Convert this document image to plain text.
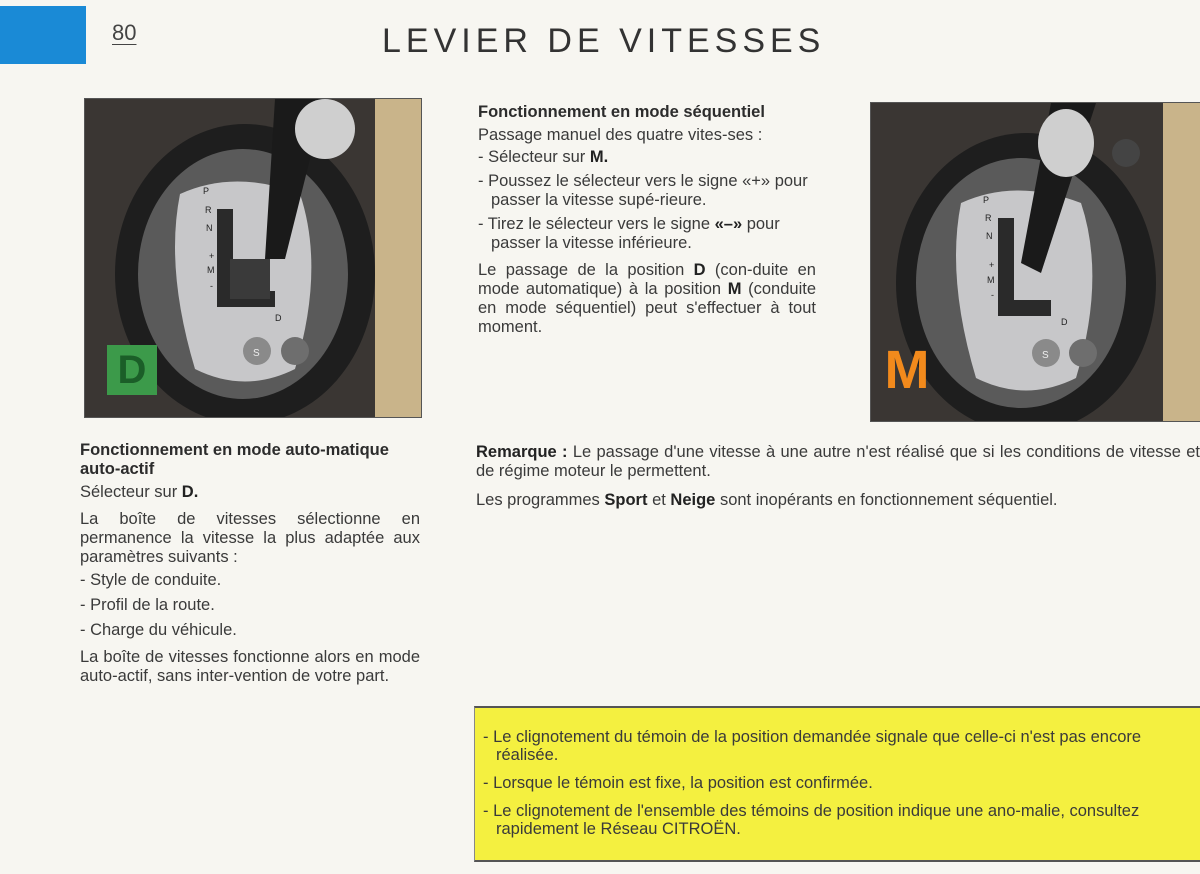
80	LEVIER DE VITESSES
P
R
N
+
M
-
D
S
D
P
R
N
+
M
-
D
S
M

Fonctionnement en mode auto-matique auto-actif

Sélecteur sur D.

La boîte de vitesses sélectionne en permanence la vitesse la plus adaptée aux paramètres suivants :

- Style de conduite.

- Profil de la route.

- Charge du véhicule.

La boîte de vitesses fonctionne alors en mode auto-actif, sans inter-vention de votre part.

Fonctionnement en mode séquentiel

Passage manuel des quatre vites-ses :

- Sélecteur sur M.

- Poussez le sélecteur vers le signe «+» pour passer la vitesse supé-rieure.

- Tirez le sélecteur vers le signe «–» pour passer la vitesse inférieure.

Le passage de la position D (con-duite en mode automatique) à la position M (conduite en mode séquentiel) peut s'effectuer à tout moment.

Remarque : Le passage d'une vitesse à une autre n'est réalisé que si les conditions de vitesse et de régime moteur le permettent.

Les programmes Sport et Neige sont inopérants en fonctionnement séquentiel.

- Le clignotement du témoin de la position demandée signale que celle-ci n'est pas encore réalisée.

- Lorsque le témoin est fixe, la position est confirmée.

- Le clignotement de l'ensemble des témoins de position indique une ano-malie, consultez rapidement le Réseau CITROËN.
